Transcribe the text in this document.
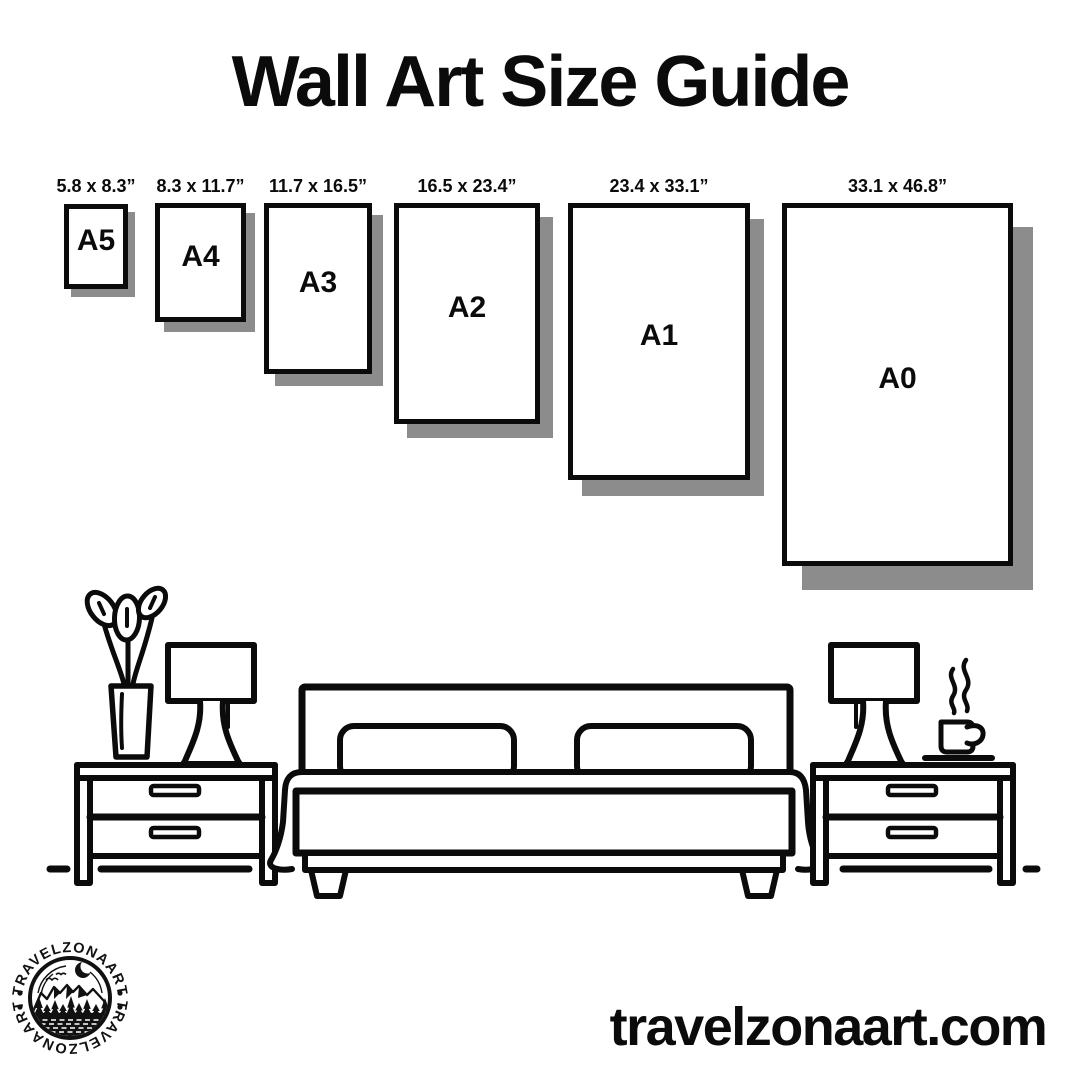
Wall Art Size Guide
5.8 x 8.3”	8.3 x 11.7”	11.7 x 16.5”	16.5 x 23.4”	23.4 x 33.1”	33.1 x 46.8”
A5 A4
A3
A2
A1
A0
TRAVELZONAART
TRAVELZONAART	travelzonaart.com
